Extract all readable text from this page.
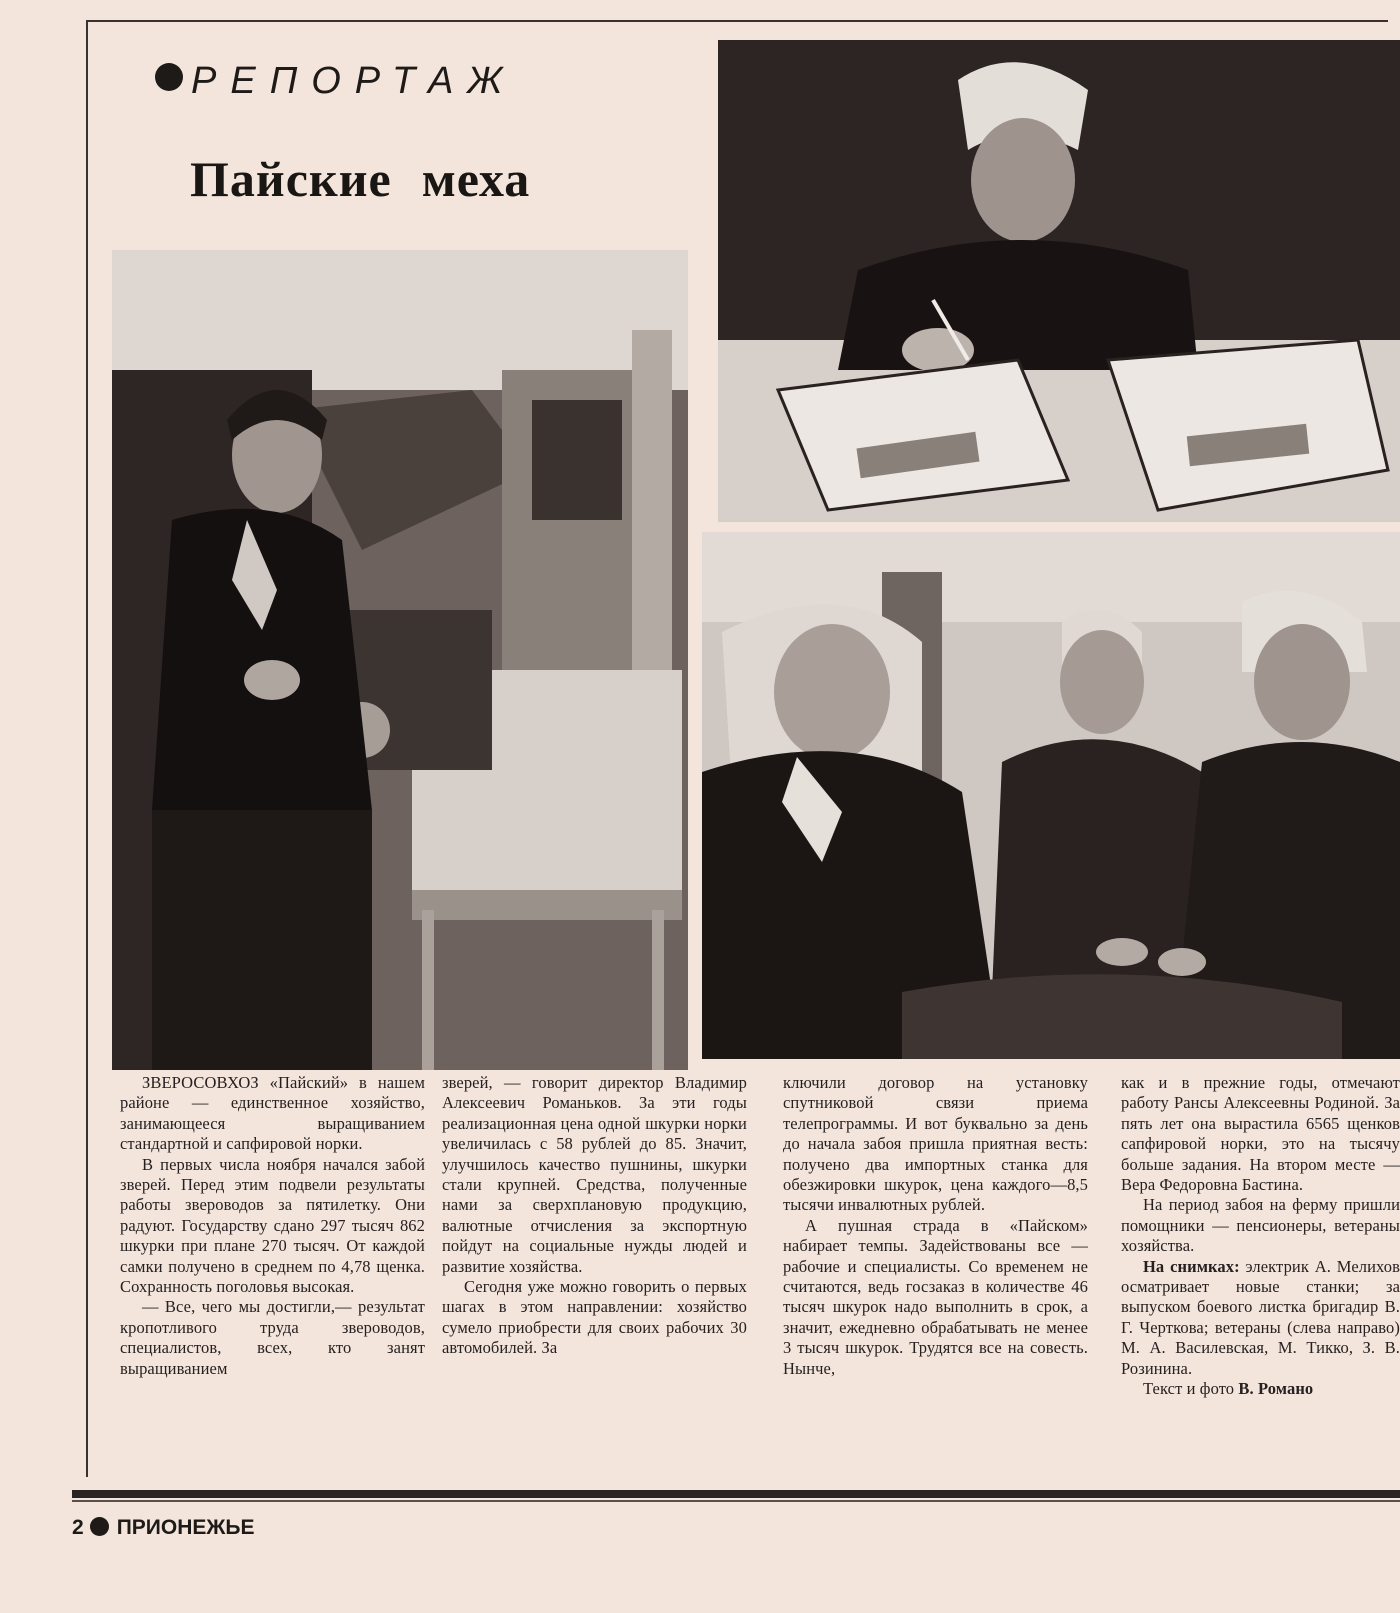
РЕПОРТАЖ
Пайские меха

ЗВЕРОСОВХОЗ «Пайский» в нашем районе — единственное хозяйство, занимающееся выращиванием стандартной и сапфировой норки.

В первых числа ноября начался забой зверей. Перед этим подвели результаты работы звероводов за пятилетку. Они радуют. Государству сдано 297 тысяч 862 шкурки при плане 270 тысяч. От каждой самки получено в среднем по 4,78 щенка. Сохранность поголовья высокая.

— Все, чего мы достигли,— результат кропотливого труда звероводов, специалистов, всех, кто занят выращиванием

зверей, — говорит директор Владимир Алексеевич Романьков. За эти годы реализационная цена одной шкурки норки увеличилась с 58 рублей до 85. Значит, улучшилось качество пушнины, шкурки стали крупней. Средства, полученные нами за сверхплановую продукцию, валютные отчисления за экспортную пойдут на социальные нужды людей и развитие хозяйства.

Сегодня уже можно говорить о первых шагах в этом направлении: хозяйство сумело приобрести для своих рабочих 30 автомобилей. За

ключили договор на установку спутниковой связи приема телепрограммы. И вот буквально за день до начала забоя пришла приятная весть: получено два импортных станка для обезжировки шкурок, цена каждого—8,5 тысячи инвалютных рублей.

А пушная страда в «Пайском» набирает темпы. Задействованы все — рабочие и специалисты. Со временем не считаются, ведь госзаказ в количестве 46 тысяч шкурок надо выполнить в срок, а значит, ежедневно обрабатывать не менее 3 тысяч шкурок. Трудятся все на совесть. Нынче,

как и в прежние годы, отмечают работу Рансы Алексеевны Родиной. За пять лет она вырастила 6565 щенков сапфировой норки, это на тысячу больше задания. На втором месте — Вера Федоровна Бастина.

На период забоя на ферму пришли помощники — пенсионеры, ветераны хозяйства.

На снимках: электрик А. Мелихов осматривает новые станки; за выпуском боевого листка бригадир В. Г. Черткова; ветераны (слева направо) М. А. Василевская, М. Тикко, З. В. Розинина.

Текст и фото В. Романо

2 ПРИОНЕЖЬЕ
